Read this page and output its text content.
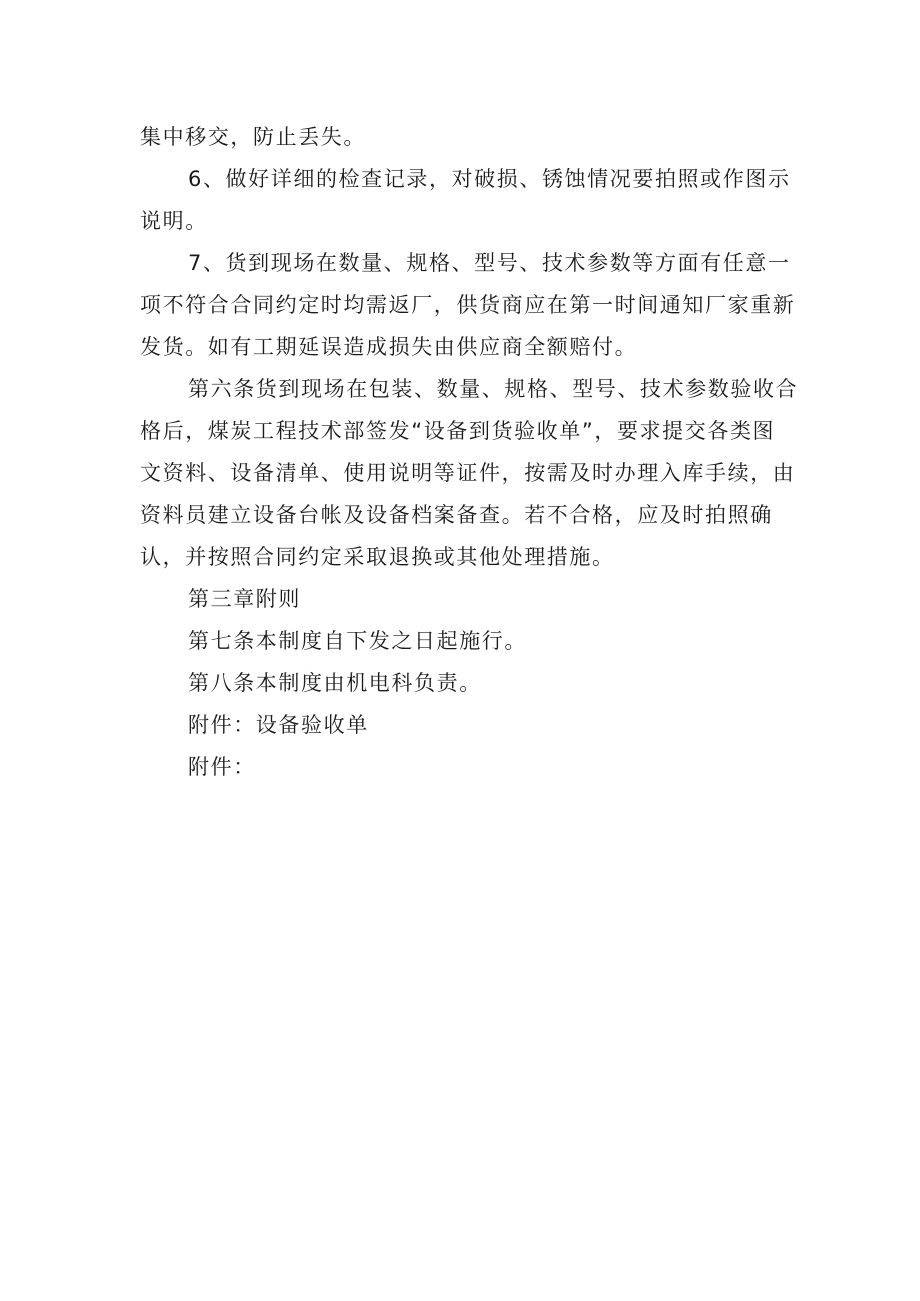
集中移交，防止丢失。
6、做好详细的检查记录，对破损、锈蚀情况要拍照或作图示
说明。
7、货到现场在数量、规格、型号、技术参数等方面有任意一
项不符合合同约定时均需返厂，供货商应在第一时间通知厂家重新
发货。如有工期延误造成损失由供应商全额赔付。
第六条货到现场在包装、数量、规格、型号、技术参数验收合
格后，煤炭工程技术部签发“设备到货验收单”，要求提交各类图
文资料、设备清单、使用说明等证件，按需及时办理入库手续，由
资料员建立设备台帐及设备档案备查。若不合格，应及时拍照确
认，并按照合同约定采取退换或其他处理措施。
第三章附则
第七条本制度自下发之日起施行。
第八条本制度由机电科负责。
附件：设备验收单
附件：
